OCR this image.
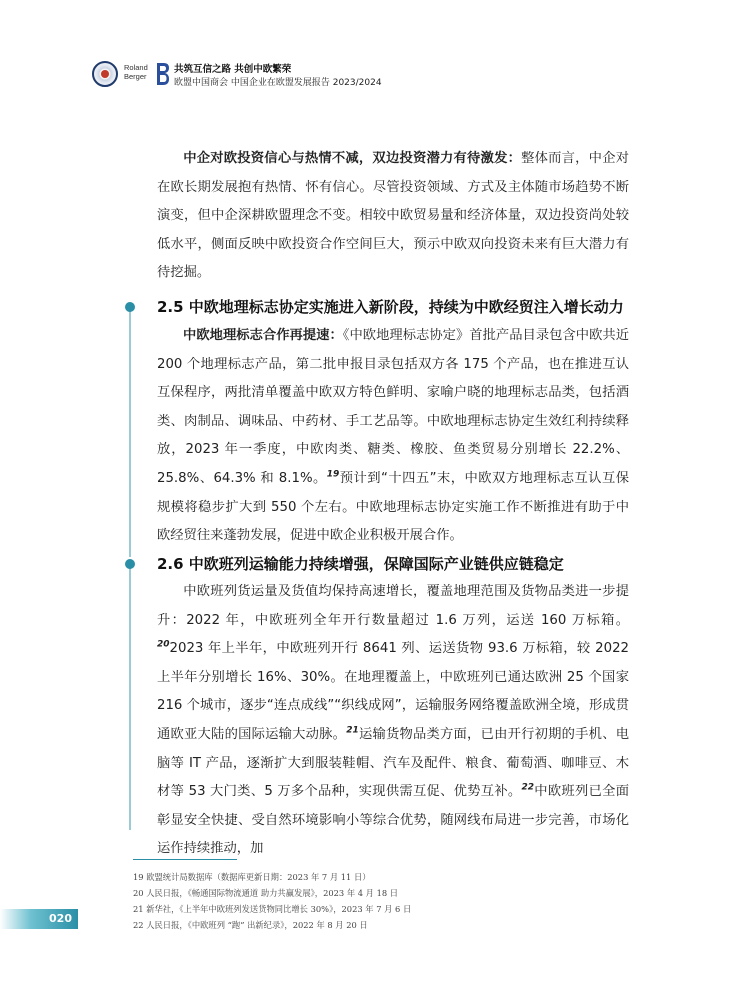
Roland
Berger
共筑互信之路 共创中欧繁荣
欧盟中国商会 中国企业在欧盟发展报告 2023/2024

中企对欧投资信心与热情不减，双边投资潜力有待激发：整体而言，中企对在欧长期发展抱有热情、怀有信心。尽管投资领域、方式及主体随市场趋势不断演变，但中企深耕欧盟理念不变。相较中欧贸易量和经济体量，双边投资尚处较低水平，侧面反映中欧投资合作空间巨大，预示中欧双向投资未来有巨大潜力有待挖掘。

2.5 中欧地理标志协定实施进入新阶段，持续为中欧经贸注入增长动力

中欧地理标志合作再提速：《中欧地理标志协定》首批产品目录包含中欧共近 200 个地理标志产品，第二批申报目录包括双方各 175 个产品，也在推进互认互保程序，两批清单覆盖中欧双方特色鲜明、家喻户晓的地理标志品类，包括酒类、肉制品、调味品、中药材、手工艺品等。中欧地理标志协定生效红利持续释放，2023 年一季度，中欧肉类、糖类、橡胶、鱼类贸易分别增长 22.2%、25.8%、64.3% 和 8.1%。$^{19}$预计到“十四五”末，中欧双方地理标志互认互保规模将稳步扩大到 550 个左右。中欧地理标志协定实施工作不断推进有助于中欧经贸往来蓬勃发展，促进中欧企业积极开展合作。

2.6 中欧班列运输能力持续增强，保障国际产业链供应链稳定

中欧班列货运量及货值均保持高速增长，覆盖地理范围及货物品类进一步提升：2022 年，中欧班列全年开行数量超过 1.6 万列，运送 160 万标箱。$^{20}$2023 年上半年，中欧班列开行 8641 列、运送货物 93.6 万标箱，较 2022 上半年分别增长 16%、30%。在地理覆盖上，中欧班列已通达欧洲 25 个国家 216 个城市，逐步“连点成线”“织线成网”，运输服务网络覆盖欧洲全境，形成贯通欧亚大陆的国际运输大动脉。$^{21}$运输货物品类方面，已由开行初期的手机、电脑等 IT 产品，逐渐扩大到服装鞋帽、汽车及配件、粮食、葡萄酒、咖啡豆、木材等 53 大门类、5 万多个品种，实现供需互促、优势互补。$^{22}$中欧班列已全面彰显安全快捷、受自然环境影响小等综合优势，随网线布局进一步完善，市场化运作持续推动，加

19 欧盟统计局数据库（数据库更新日期：2023 年 7 月 11 日）
20 人民日报，《畅通国际物流通道 助力共赢发展》，2023 年 4 月 18 日
21 新华社，《上半年中欧班列发送货物同比增长 30%》，2023 年 7 月 6 日
22 人民日报，《中欧班列 “跑” 出新纪录》，2022 年 8 月 20 日
020
